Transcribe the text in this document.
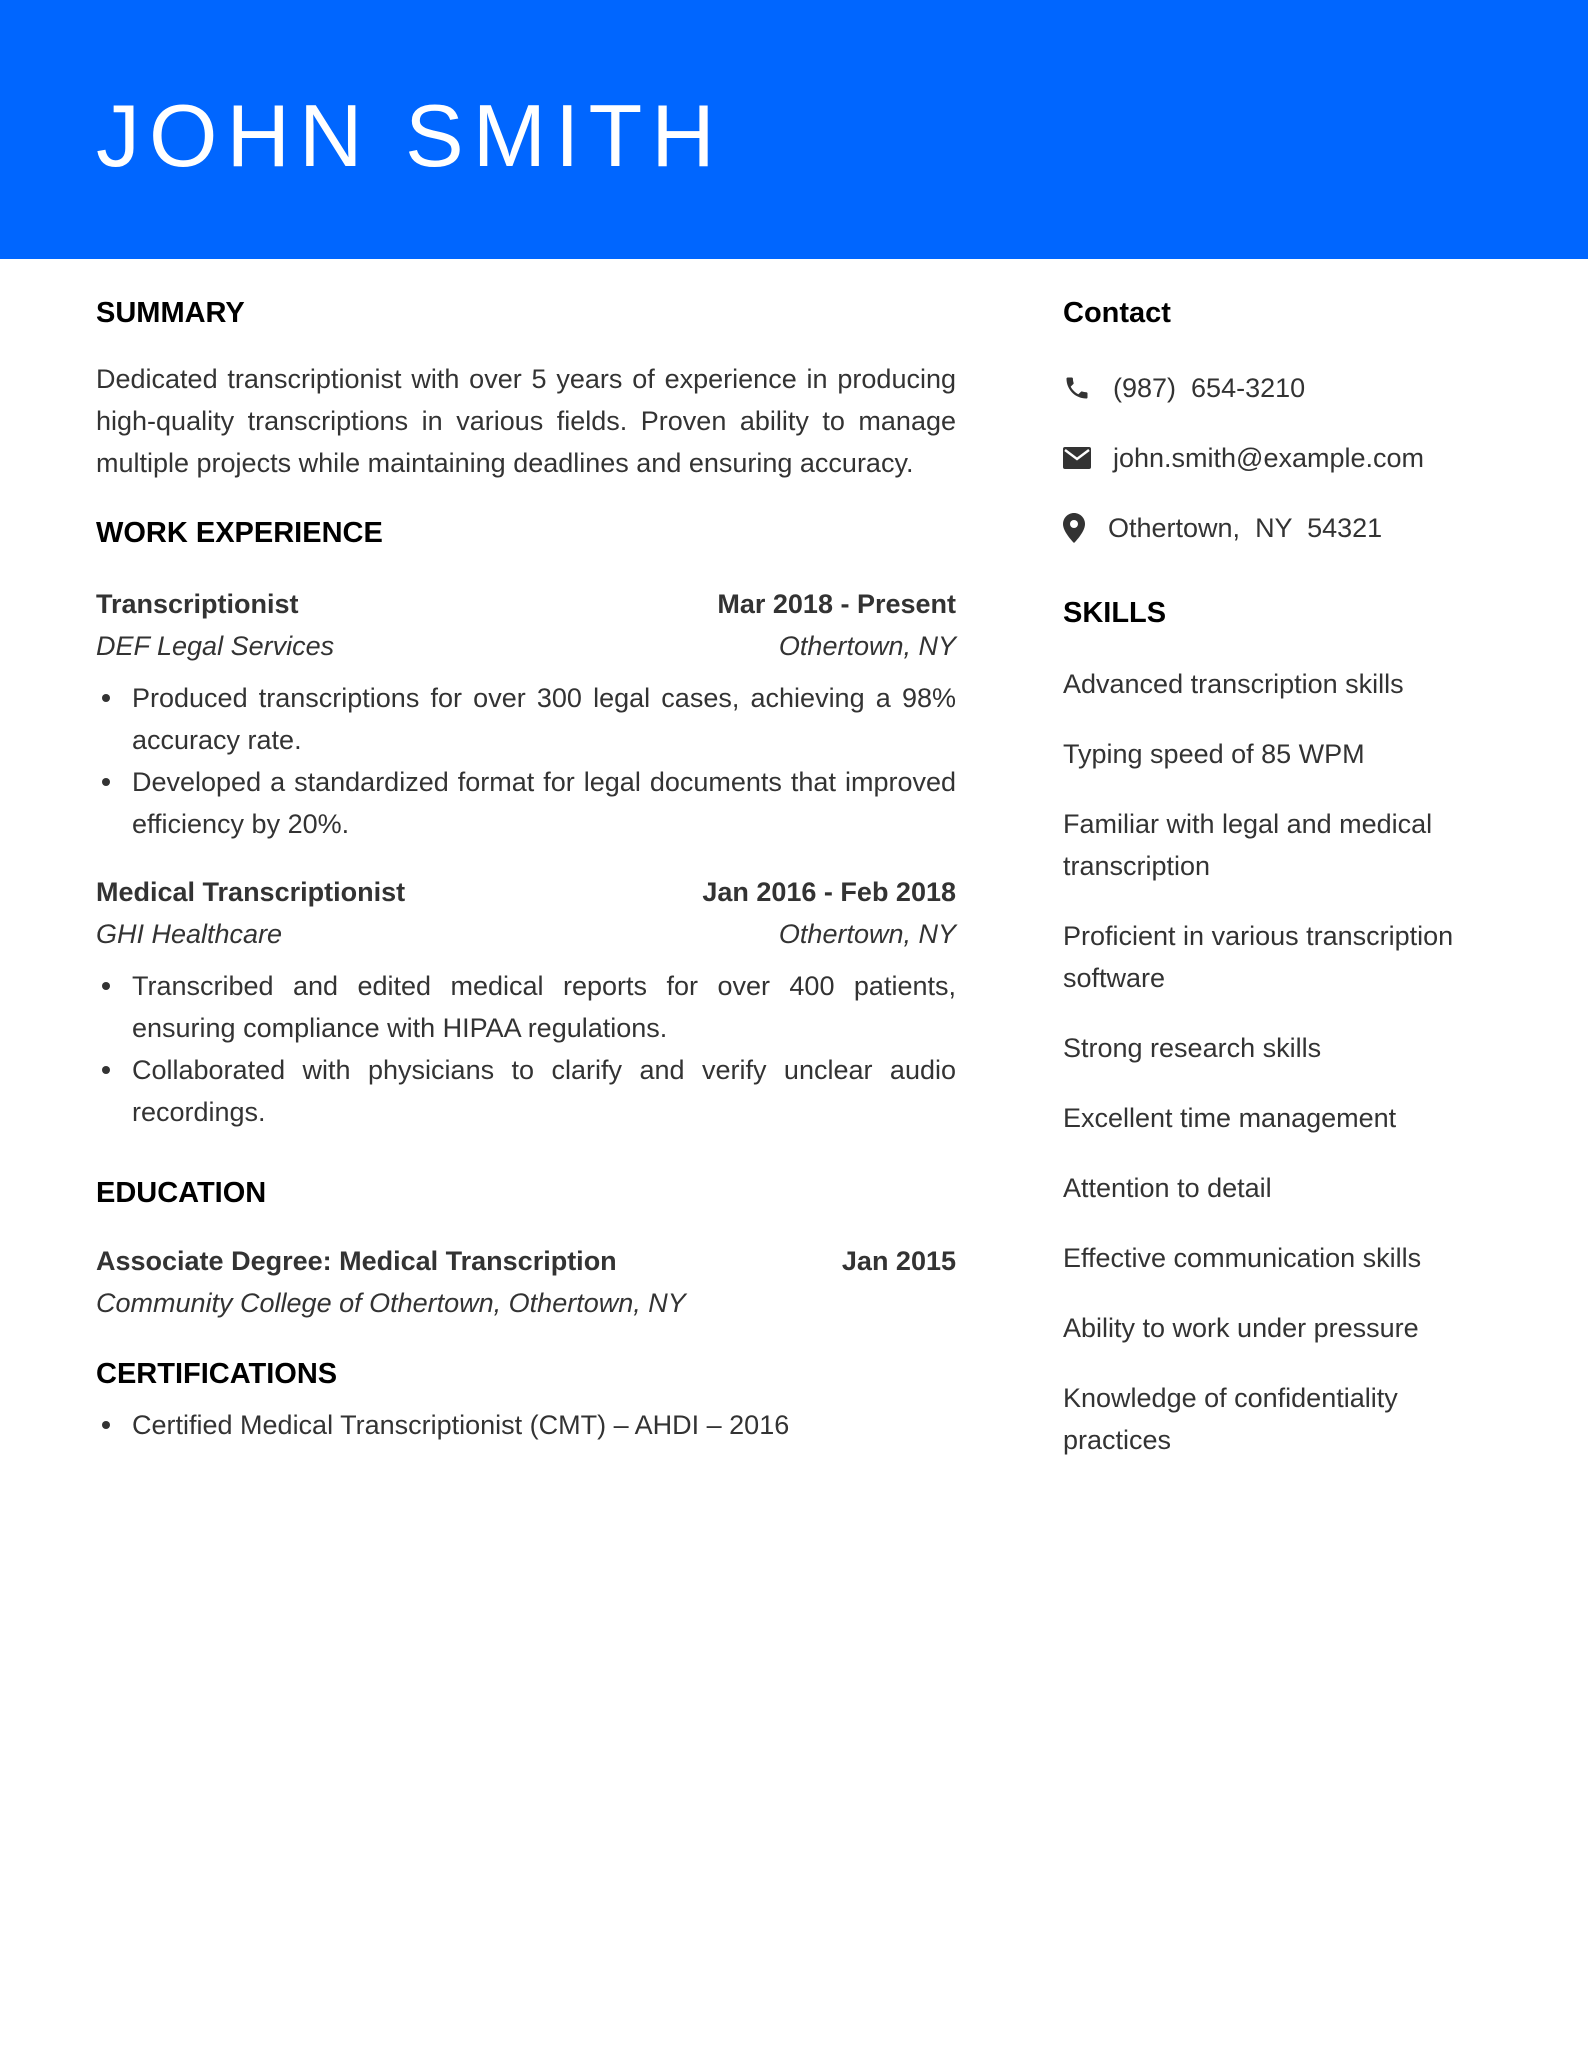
JOHN SMITH
SUMMARY

Dedicated transcriptionist with over 5 years of experience in producing high-quality transcriptions in various fields. Proven ability to manage multiple projects while maintaining deadlines and ensuring accuracy.

WORK EXPERIENCE
Transcriptionist	Mar 2018 - Present
DEF Legal Services	Othertown, NY
Produced transcriptions for over 300 legal cases, achieving a 98% accuracy rate.
Developed a standardized format for legal documents that improved efficiency by 20%.
Medical Transcriptionist	Jan 2016 - Feb 2018
GHI Healthcare	Othertown, NY
Transcribed and edited medical reports for over 400 patients, ensuring compliance with HIPAA regulations.
Collaborated with physicians to clarify and verify unclear audio recordings.
EDUCATION
Associate Degree: Medical Transcription	Jan 2015
Community College of Othertown, Othertown, NY
CERTIFICATIONS
Certified Medical Transcriptionist (CMT) – AHDI – 2016
Contact
(987)  654-3210
john.smith@example.com
Othertown,  NY  54321
SKILLS
Advanced transcription skills
Typing speed of 85 WPM
Familiar with legal and medical transcription
Proficient in various transcription software
Strong research skills
Excellent time management
Attention to detail
Effective communication skills
Ability to work under pressure
Knowledge of confidentiality practices
